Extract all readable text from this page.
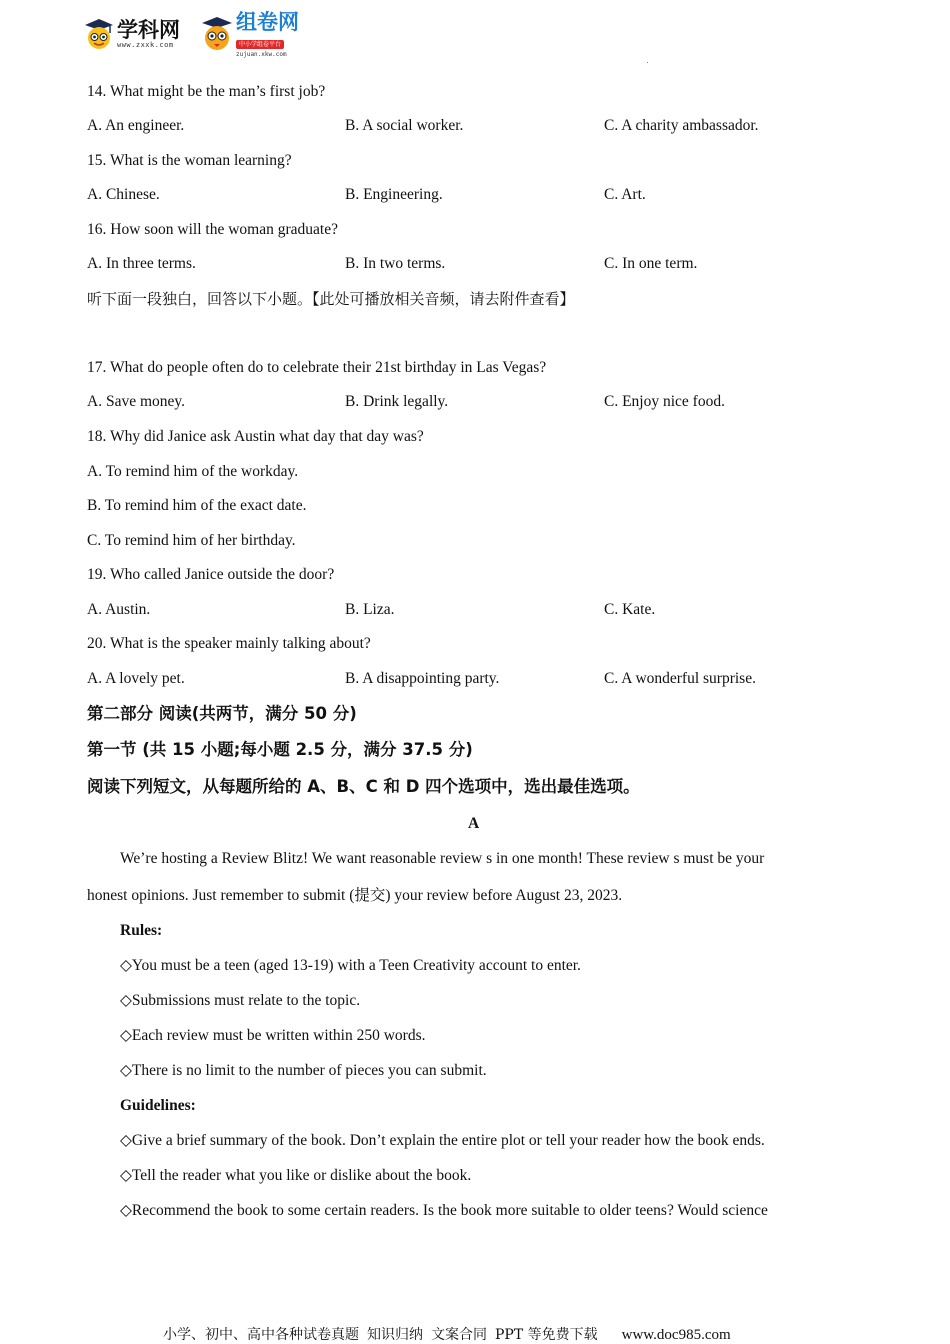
学科网
www.zxxk.com
组卷网
中小学组卷平台
zujuan.xkw.com
14. What might be the man’s first job?
A. An engineer.	B. A social worker.	C. A charity ambassador.
15. What is the woman learning?
A. Chinese.	B. Engineering.	C. Art.
16. How soon will the woman graduate?
A. In three terms.	B. In two terms.	C. In one term.
听下面一段独白，回答以下小题。【此处可播放相关音频，请去附件查看】
17. What do people often do to celebrate their 21st birthday in Las Vegas?
A. Save money.	B. Drink legally.	C. Enjoy nice food.
18. Why did Janice ask Austin what day that day was?
A. To remind him of the workday.
B. To remind him of the exact date.
C. To remind him of her birthday.
19. Who called Janice outside the door?
A. Austin.	B. Liza.	C. Kate.
20. What is the speaker mainly talking about?
A. A lovely pet.	B. A disappointing party.	C. A wonderful surprise.
第二部分 阅读(共两节，满分 50 分)
第一节 (共 15 小题;每小题 2.5 分，满分 37.5 分)
阅读下列短文，从每题所给的 A、B、C 和 D 四个选项中，选出最佳选项。
A
We’re hosting a Review Blitz! We want reasonable review s in one month! These review s must be your
honest opinions. Just remember to submit (提交) your review before August 23, 2023.
Rules:
◇You must be a teen (aged 13-19) with a Teen Creativity account to enter.
◇Submissions must relate to the topic.
◇Each review must be written within 250 words.
◇There is no limit to the number of pieces you can submit.
Guidelines:
◇Give a brief summary of the book. Don’t explain the entire plot or tell your reader how the book ends.
◇Tell the reader what you like or dislike about the book.
◇Recommend the book to some certain readers. Is the book more suitable to older teens? Would science
小学、初中、高中各种试卷真题 知识归纳 文案合同 PPT 等免费下载 www.doc985.com
